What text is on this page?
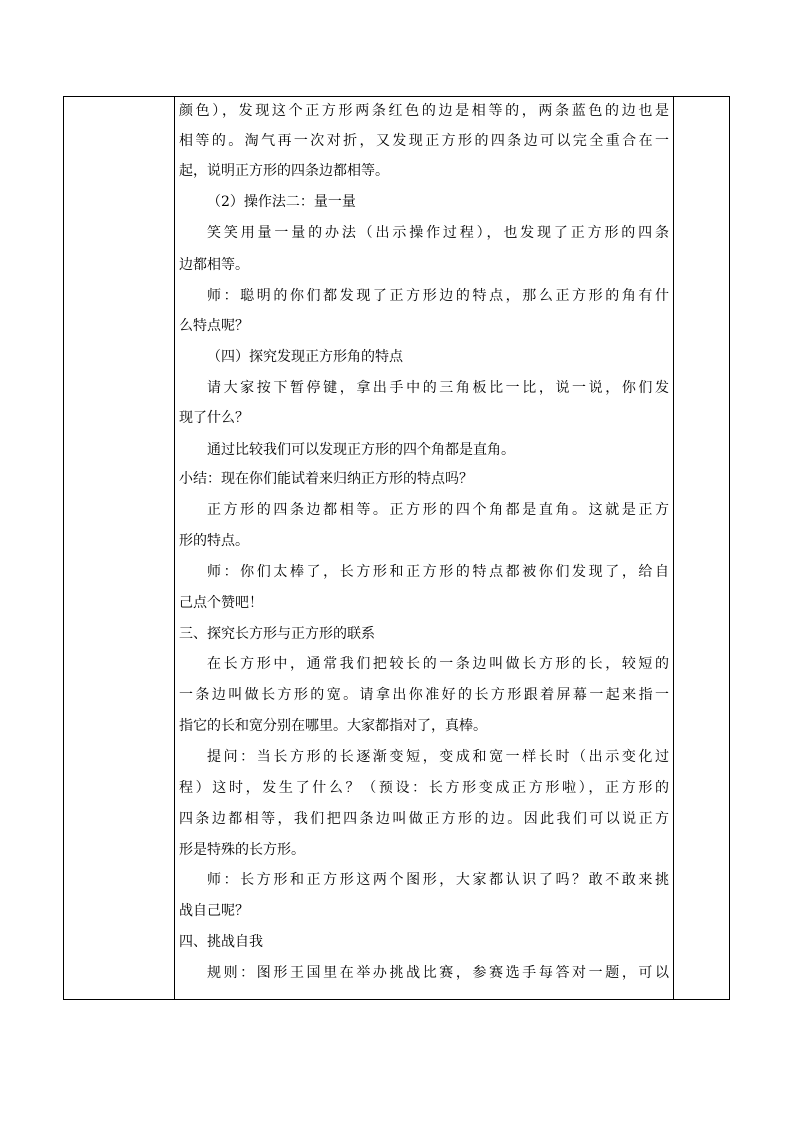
颜色），发现这个正方形两条红色的边是相等的，两条蓝色的边也是
相等的。淘气再一次对折，又发现正方形的四条边可以完全重合在一
起，说明正方形的四条边都相等。
（2）操作法二：量一量
笑笑用量一量的办法（出示操作过程），也发现了正方形的四条
边都相等。
师：聪明的你们都发现了正方形边的特点，那么正方形的角有什
么特点呢？
（四）探究发现正方形角的特点
请大家按下暂停键，拿出手中的三角板比一比，说一说，你们发
现了什么？
通过比较我们可以发现正方形的四个角都是直角。
小结：现在你们能试着来归纳正方形的特点吗？
正方形的四条边都相等。正方形的四个角都是直角。这就是正方
形的特点。
师：你们太棒了，长方形和正方形的特点都被你们发现了，给自
己点个赞吧！
三、探究长方形与正方形的联系
在长方形中，通常我们把较长的一条边叫做长方形的长，较短的
一条边叫做长方形的宽。请拿出你准好的长方形跟着屏幕一起来指一
指它的长和宽分别在哪里。大家都指对了，真棒。
提问：当长方形的长逐渐变短，变成和宽一样长时（出示变化过
程）这时，发生了什么？（预设：长方形变成正方形啦），正方形的
四条边都相等，我们把四条边叫做正方形的边。因此我们可以说正方
形是特殊的长方形。
师：长方形和正方形这两个图形，大家都认识了吗？敢不敢来挑
战自己呢？
四、挑战自我
规则：图形王国里在举办挑战比赛，参赛选手每答对一题，可以
